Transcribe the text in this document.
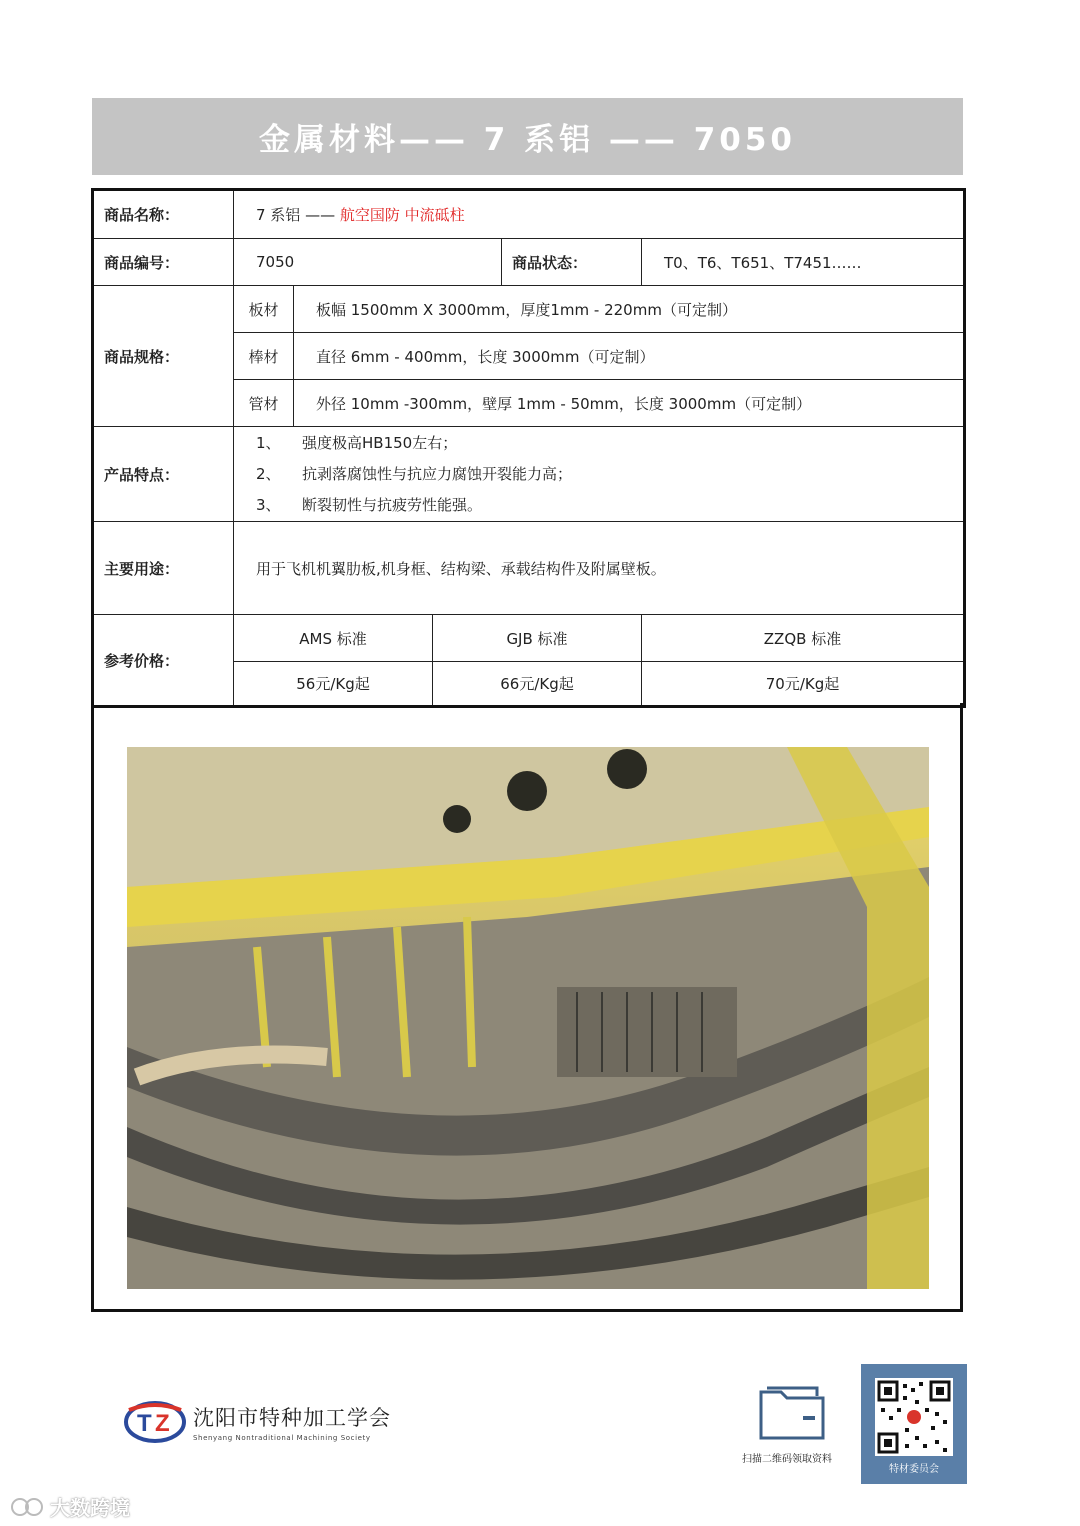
金属材料—— 7 系铝 —— 7050
商品名称：	7 系铝 —— 航空国防 中流砥柱				
商品编号：	7050			商品状态：	T0、T6、T651、T7451……
商品规格：	板材	板幅 1500mm X 3000mm，厚度1mm - 220mm（可定制）			
	棒材	直径 6mm - 400mm，长度 3000mm（可定制）			
	管材	外径 10mm -300mm，壁厚 1mm - 50mm，长度 3000mm（可定制）			
产品特点：	1、 强度极高HB150左右；
2、 抗剥落腐蚀性与抗应力腐蚀开裂能力高；
3、 断裂韧性与抗疲劳性能强。				

主要用途：	用于飞机机翼肋板,机身框、结构梁、承载结构件及附属壁板。				
参考价格：	AMS 标准		GJB 标准		ZZQB 标准
	56元/Kg起		66元/Kg起		70元/Kg起
T Z 沈阳市特种加工学会
Shenyang Nontraditional Machining Society
扫描二维码领取资料
特材委员会
大数跨境
